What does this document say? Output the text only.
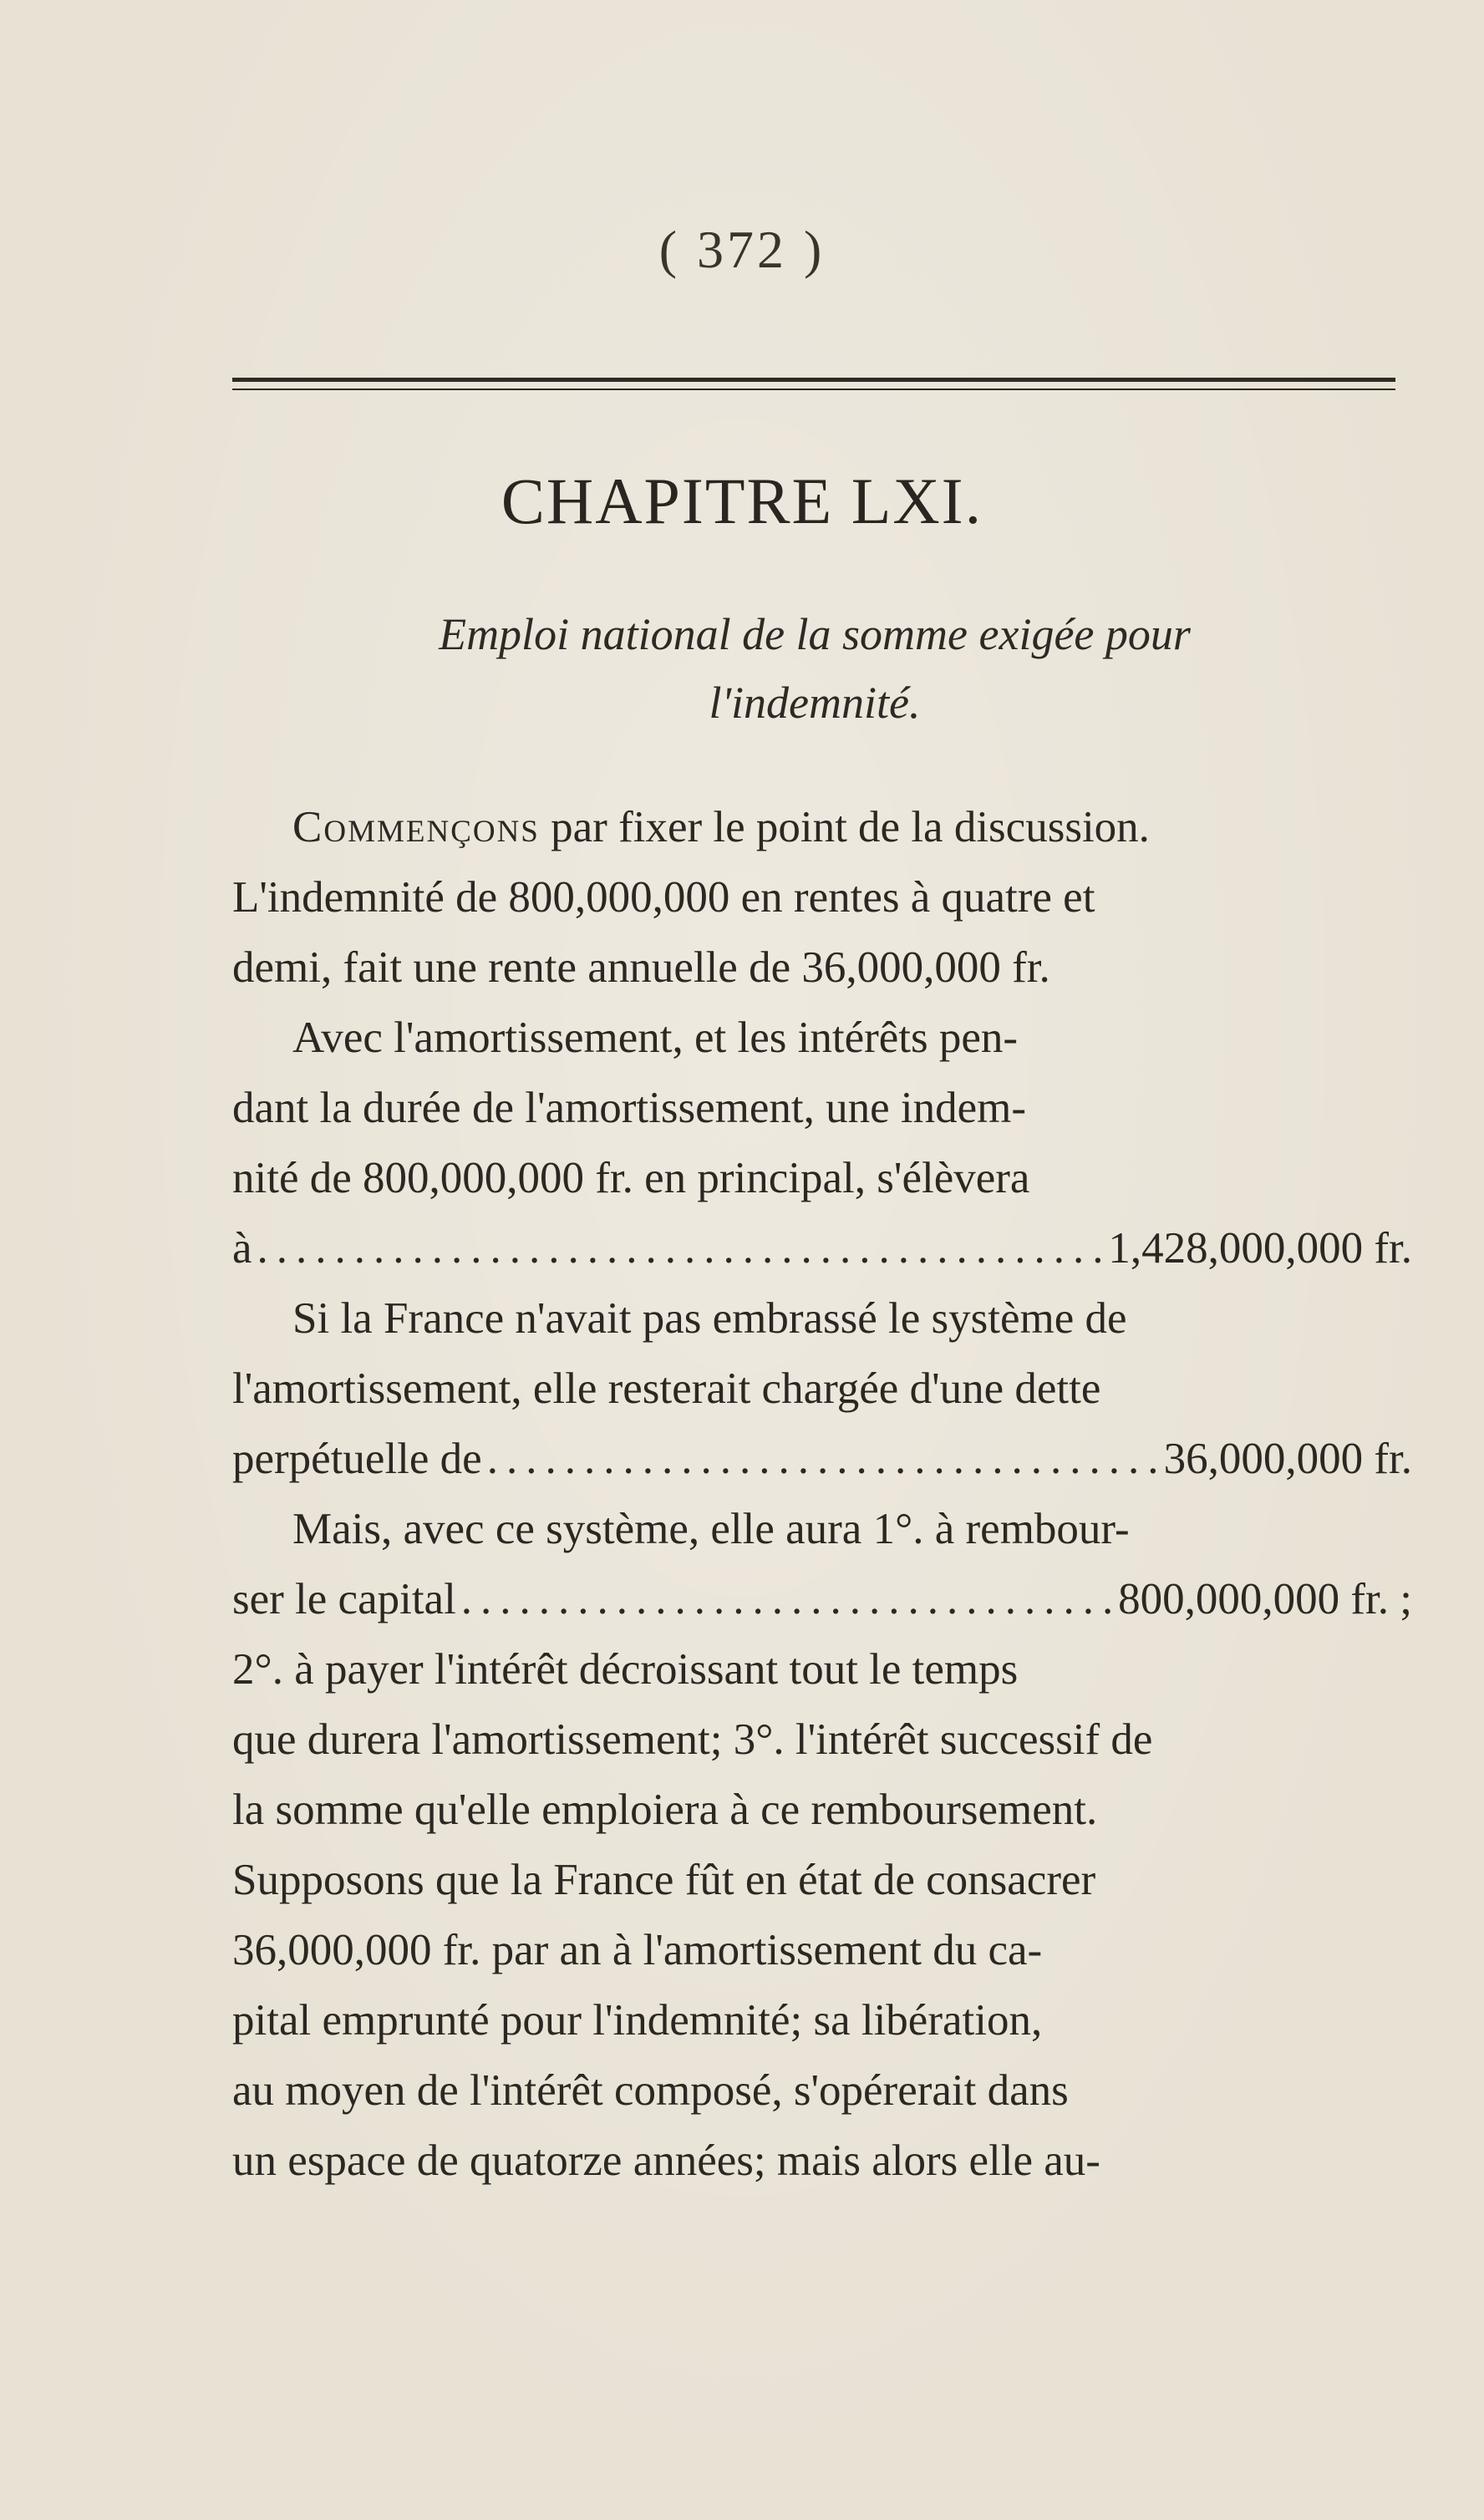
( 372 )
CHAPITRE LXI.
Emploi national de la somme exigée pour
l'indemnité.
Commençons par fixer le point de la discussion.
L'indemnité de 800,000,000 en rentes à quatre et
demi, fait une rente annuelle de 36,000,000 fr.
Avec l'amortissement, et les intérêts pen-
dant la durée de l'amortissement, une indem-
nité de 800,000,000 fr. en principal, s'élèvera
à .....	1,428,000,000 fr.
Si la France n'avait pas embrassé le système de
l'amortissement, elle resterait chargée d'une dette
perpétuelle de .....	36,000,000 fr.
Mais, avec ce système, elle aura 1°. à rembour-
ser le capital .....	800,000,000 fr. ;
2°. à payer l'intérêt décroissant tout le temps
que durera l'amortissement; 3°. l'intérêt successif de
la somme qu'elle emploiera à ce remboursement.
Supposons que la France fût en état de consacrer
36,000,000 fr. par an à l'amortissement du ca-
pital emprunté pour l'indemnité; sa libération,
au moyen de l'intérêt composé, s'opérerait dans
un espace de quatorze années; mais alors elle au-
